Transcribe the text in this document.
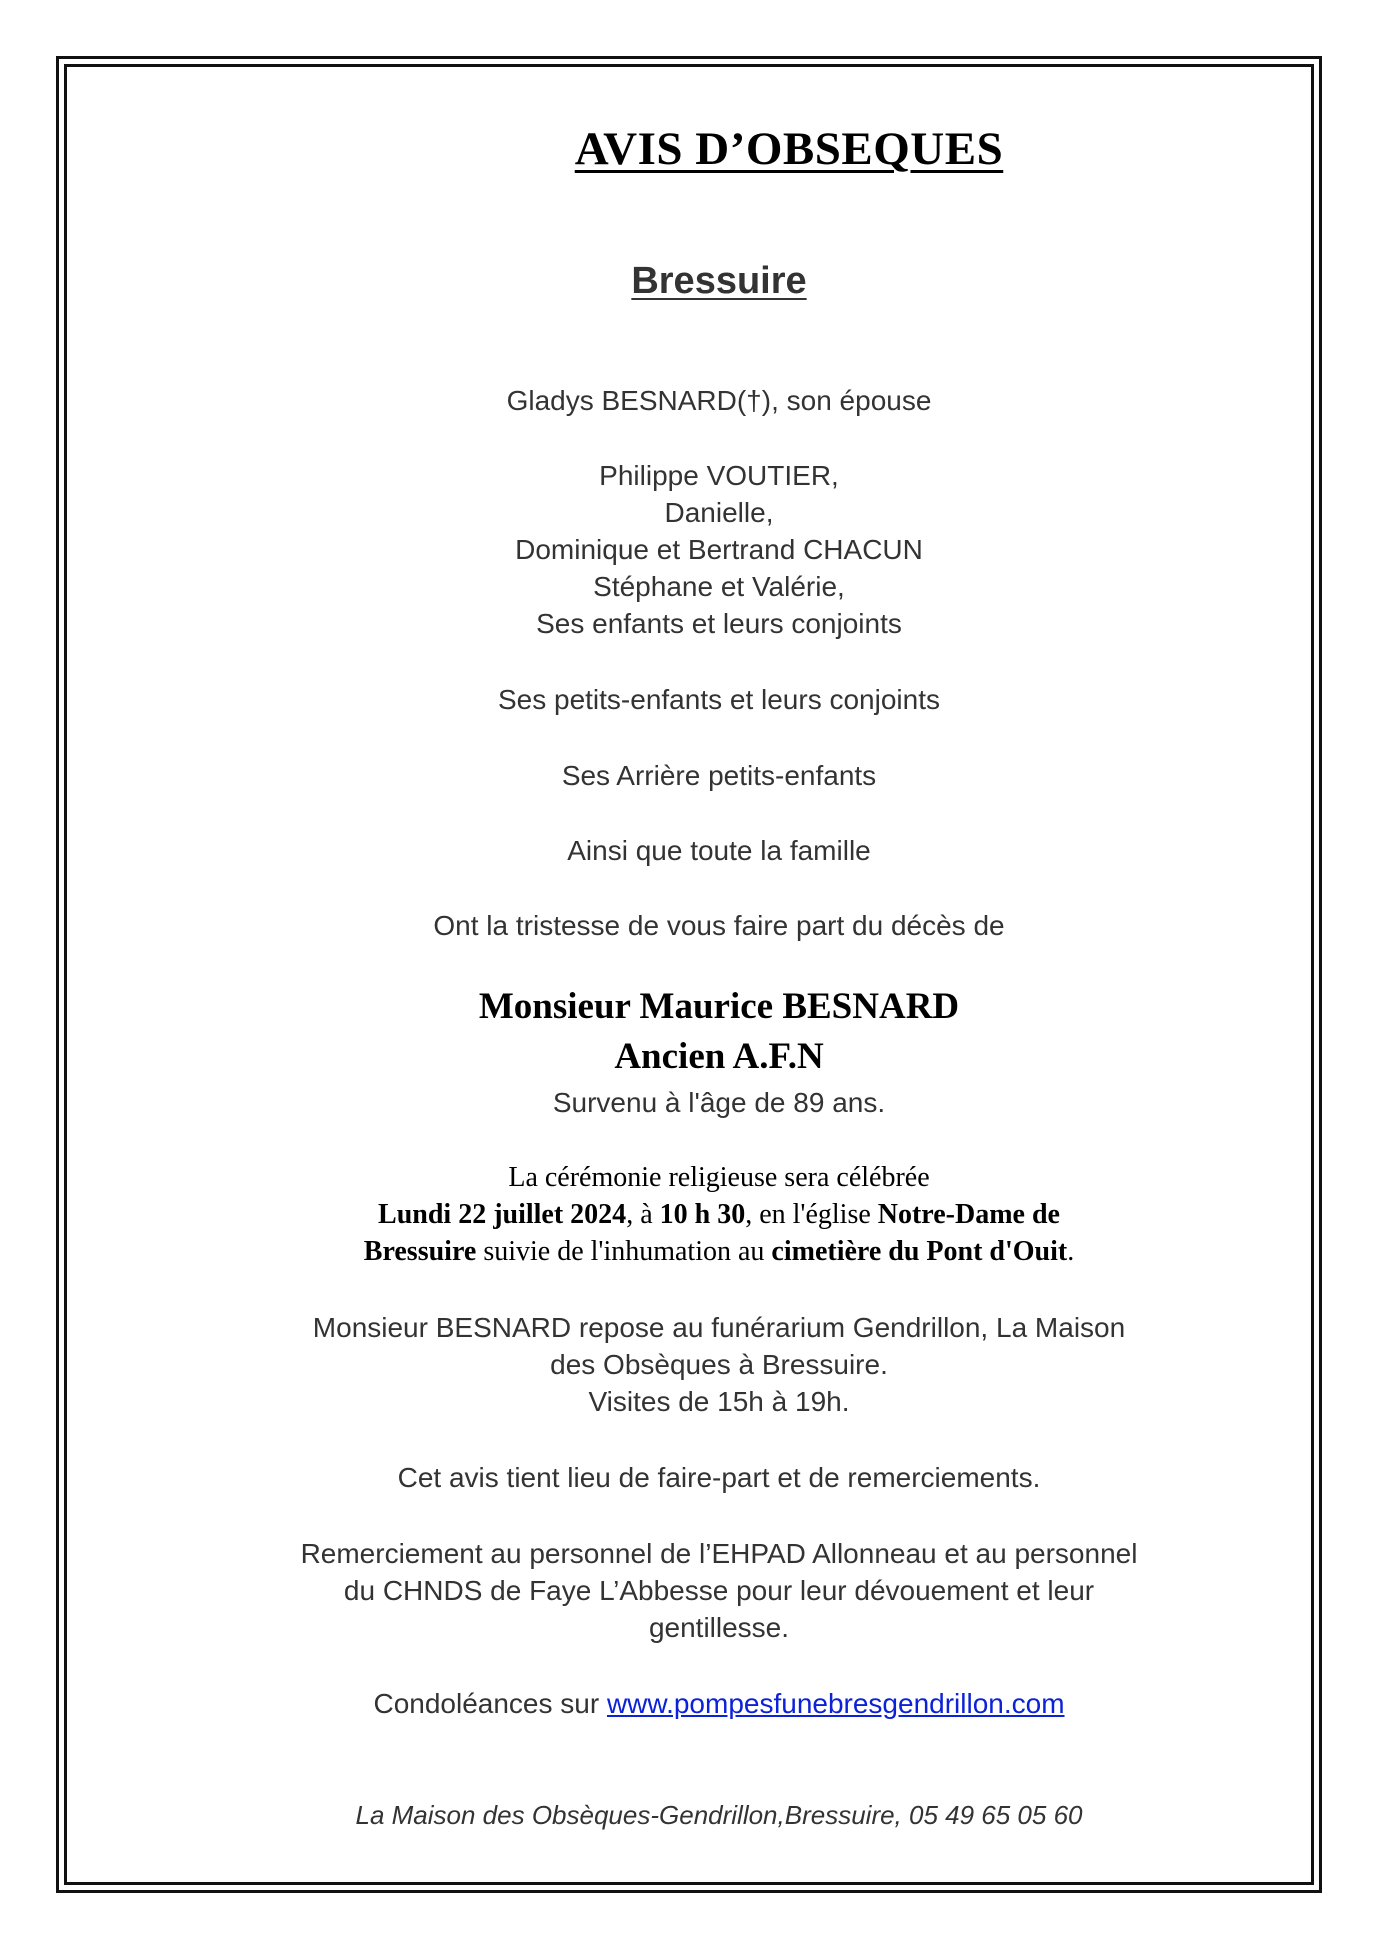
AVIS D’OBSEQUES
Bressuire
Gladys BESNARD(†), son épouse
Philippe VOUTIER,
Danielle,
Dominique et Bertrand CHACUN
Stéphane et Valérie,
Ses enfants et leurs conjoints
Ses petits-enfants et leurs conjoints
Ses Arrière petits-enfants
Ainsi que toute la famille
Ont la tristesse de vous faire part du décès de
Monsieur Maurice BESNARD
Ancien A.F.N
Survenu à l'âge de 89 ans.
La cérémonie religieuse sera célébrée
Lundi 22 juillet 2024, à 10 h 30, en l'église Notre-Dame de
Bressuire suivie de l'inhumation au cimetière du Pont d'Ouit.
Monsieur BESNARD repose au funérarium Gendrillon, La Maison
des Obsèques à Bressuire.
Visites de 15h à 19h.
Cet avis tient lieu de faire-part et de remerciements.
Remerciement au personnel de l’EHPAD Allonneau et au personnel
du CHNDS de Faye L’Abbesse pour leur dévouement et leur
gentillesse.
Condoléances sur www.pompesfunebresgendrillon.com
La Maison des Obsèques-Gendrillon,Bressuire, 05 49 65 05 60
